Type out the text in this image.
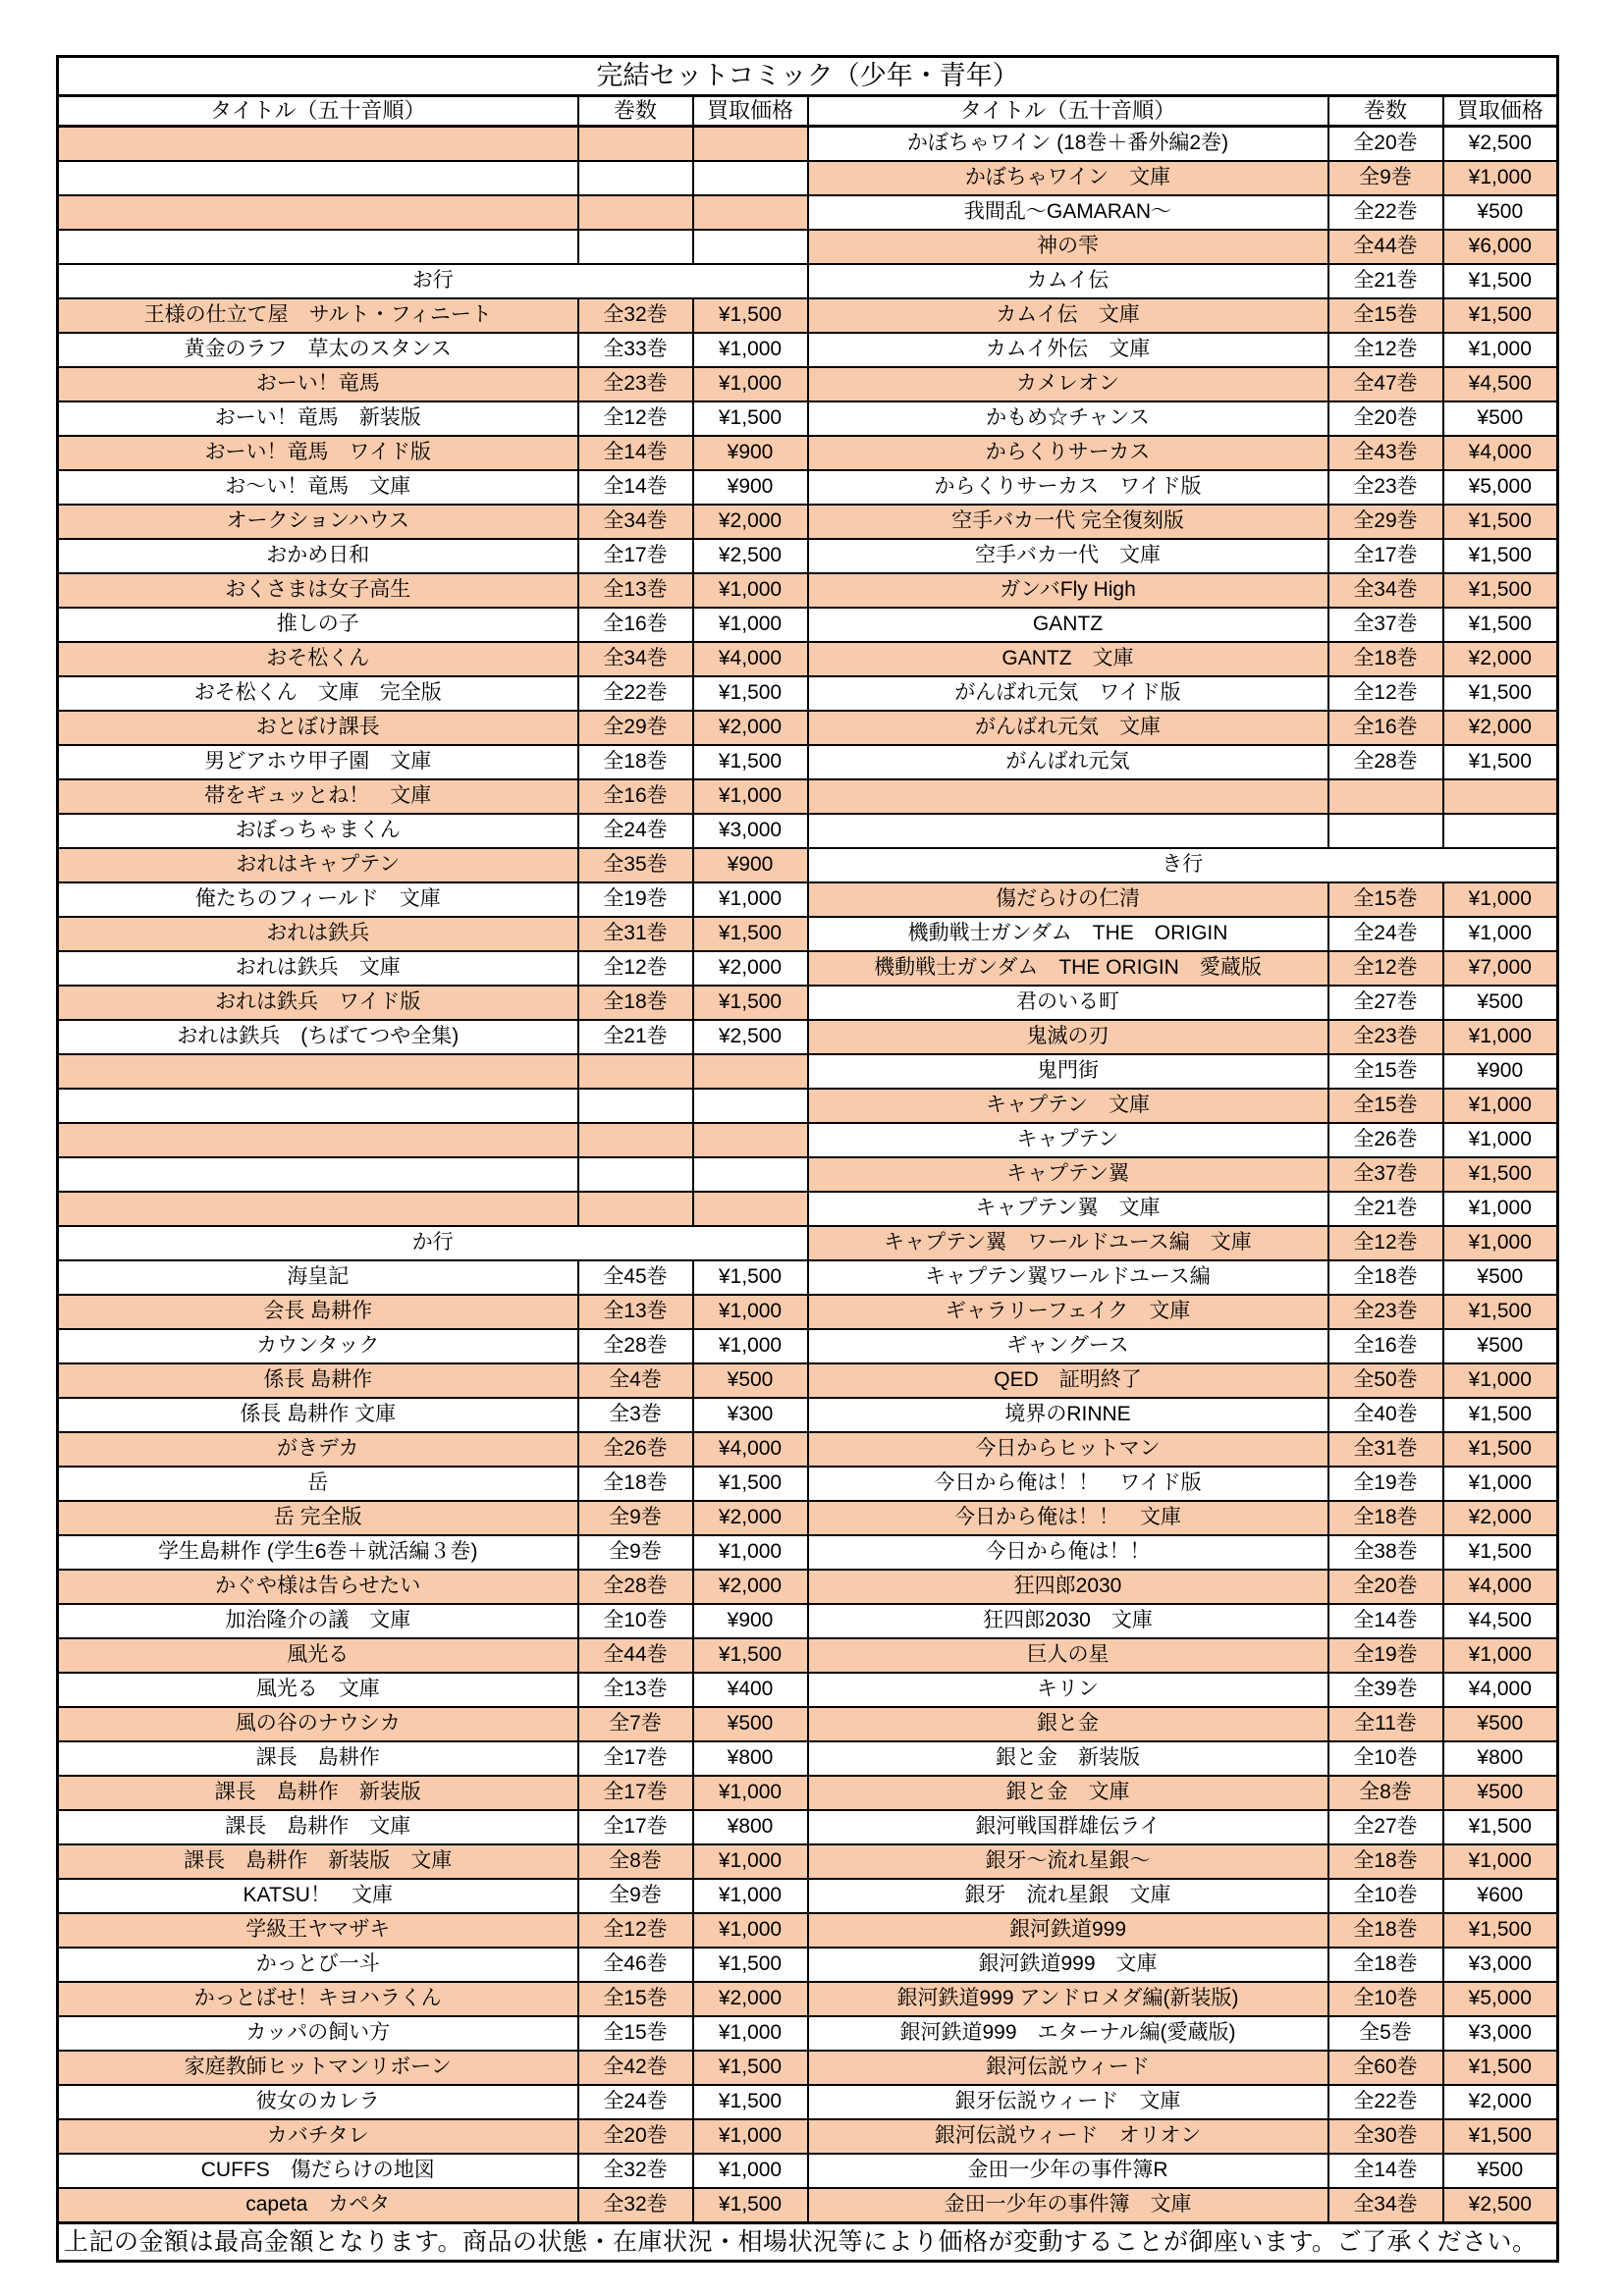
完結セットコミック（少年・青年）					
タイトル（五十音順）	巻数	買取価格	タイトル（五十音順）	巻数	買取価格
			かぼちゃワイン (18巻＋番外編2巻)	全20巻	¥2,500
			かぼちゃワイン　文庫	全9巻	¥1,000
			我間乱～GAMARAN～	全22巻	¥500
			神の雫	全44巻	¥6,000
お行			カムイ伝	全21巻	¥1,500
王様の仕立て屋　サルト・フィニート	全32巻	¥1,500	カムイ伝　文庫	全15巻	¥1,500
黄金のラフ　草太のスタンス	全33巻	¥1,000	カムイ外伝　文庫	全12巻	¥1,000
おーい！竜馬	全23巻	¥1,000	カメレオン	全47巻	¥4,500
おーい！竜馬　新装版	全12巻	¥1,500	かもめ☆チャンス	全20巻	¥500
おーい！竜馬　ワイド版	全14巻	¥900	からくりサーカス	全43巻	¥4,000
お～い！竜馬　文庫	全14巻	¥900	からくりサーカス　ワイド版	全23巻	¥5,000
オークションハウス	全34巻	¥2,000	空手バカ一代 完全復刻版	全29巻	¥1,500
おかめ日和	全17巻	¥2,500	空手バカ一代　文庫	全17巻	¥1,500
おくさまは女子高生	全13巻	¥1,000	ガンバFly High	全34巻	¥1,500
推しの子	全16巻	¥1,000	GANTZ	全37巻	¥1,500
おそ松くん	全34巻	¥4,000	GANTZ　文庫	全18巻	¥2,000
おそ松くん　文庫　完全版	全22巻	¥1,500	がんばれ元気　ワイド版	全12巻	¥1,500
おとぼけ課長	全29巻	¥2,000	がんばれ元気　文庫	全16巻	¥2,000
男どアホウ甲子園　文庫	全18巻	¥1,500	がんばれ元気	全28巻	¥1,500
帯をギュッとね！　文庫	全16巻	¥1,000			
おぼっちゃまくん	全24巻	¥3,000			
おれはキャプテン	全35巻	¥900	き行		
俺たちのフィールド　文庫	全19巻	¥1,000	傷だらけの仁清	全15巻	¥1,000
おれは鉄兵	全31巻	¥1,500	機動戦士ガンダム　THE　ORIGIN	全24巻	¥1,000
おれは鉄兵　文庫	全12巻	¥2,000	機動戦士ガンダム　THE ORIGIN　愛蔵版	全12巻	¥7,000
おれは鉄兵　ワイド版	全18巻	¥1,500	君のいる町	全27巻	¥500
おれは鉄兵　(ちばてつや全集)	全21巻	¥2,500	鬼滅の刃	全23巻	¥1,000
			鬼門街	全15巻	¥900
			キャプテン　文庫	全15巻	¥1,000
			キャプテン	全26巻	¥1,000
			キャプテン翼	全37巻	¥1,500
			キャプテン翼　文庫	全21巻	¥1,000
か行			キャプテン翼　ワールドユース編　文庫	全12巻	¥1,000
海皇記	全45巻	¥1,500	キャプテン翼ワールドユース編	全18巻	¥500
会長 島耕作	全13巻	¥1,000	ギャラリーフェイク　文庫	全23巻	¥1,500
カウンタック	全28巻	¥1,000	ギャングース	全16巻	¥500
係長 島耕作	全4巻	¥500	QED　証明終了	全50巻	¥1,000
係長 島耕作 文庫	全3巻	¥300	境界のRINNE	全40巻	¥1,500
がきデカ	全26巻	¥4,000	今日からヒットマン	全31巻	¥1,500
岳	全18巻	¥1,500	今日から俺は！！　ワイド版	全19巻	¥1,000
岳 完全版	全9巻	¥2,000	今日から俺は！！　文庫	全18巻	¥2,000
学生島耕作 (学生6巻＋就活編３巻)	全9巻	¥1,000	今日から俺は！！	全38巻	¥1,500
かぐや様は告らせたい	全28巻	¥2,000	狂四郎2030	全20巻	¥4,000
加治隆介の議　文庫	全10巻	¥900	狂四郎2030　文庫	全14巻	¥4,500
風光る	全44巻	¥1,500	巨人の星	全19巻	¥1,000
風光る　文庫	全13巻	¥400	キリン	全39巻	¥4,000
風の谷のナウシカ	全7巻	¥500	銀と金	全11巻	¥500
課長　島耕作	全17巻	¥800	銀と金　新装版	全10巻	¥800
課長　島耕作　新装版	全17巻	¥1,000	銀と金　文庫	全8巻	¥500
課長　島耕作　文庫	全17巻	¥800	銀河戦国群雄伝ライ	全27巻	¥1,500
課長　島耕作　新装版　文庫	全8巻	¥1,000	銀牙～流れ星銀～	全18巻	¥1,000
KATSU！　文庫	全9巻	¥1,000	銀牙　流れ星銀　文庫	全10巻	¥600
学級王ヤマザキ	全12巻	¥1,000	銀河鉄道999	全18巻	¥1,500
かっとび一斗	全46巻	¥1,500	銀河鉄道999　文庫	全18巻	¥3,000
かっとばせ！キヨハラくん	全15巻	¥2,000	銀河鉄道999 アンドロメダ編(新装版)	全10巻	¥5,000
カッパの飼い方	全15巻	¥1,000	銀河鉄道999　エターナル編(愛蔵版)	全5巻	¥3,000
家庭教師ヒットマンリボーン	全42巻	¥1,500	銀河伝説ウィード	全60巻	¥1,500
彼女のカレラ	全24巻	¥1,500	銀牙伝説ウィード　文庫	全22巻	¥2,000
カバチタレ	全20巻	¥1,000	銀河伝説ウィード　オリオン	全30巻	¥1,500
CUFFS　傷だらけの地図	全32巻	¥1,000	金田一少年の事件簿R	全14巻	¥500
capeta　カペタ	全32巻	¥1,500	金田一少年の事件簿　文庫	全34巻	¥2,500
上記の金額は最高金額となります。商品の状態・在庫状況・相場状況等により価格が変動することが御座います。ご了承ください。					
